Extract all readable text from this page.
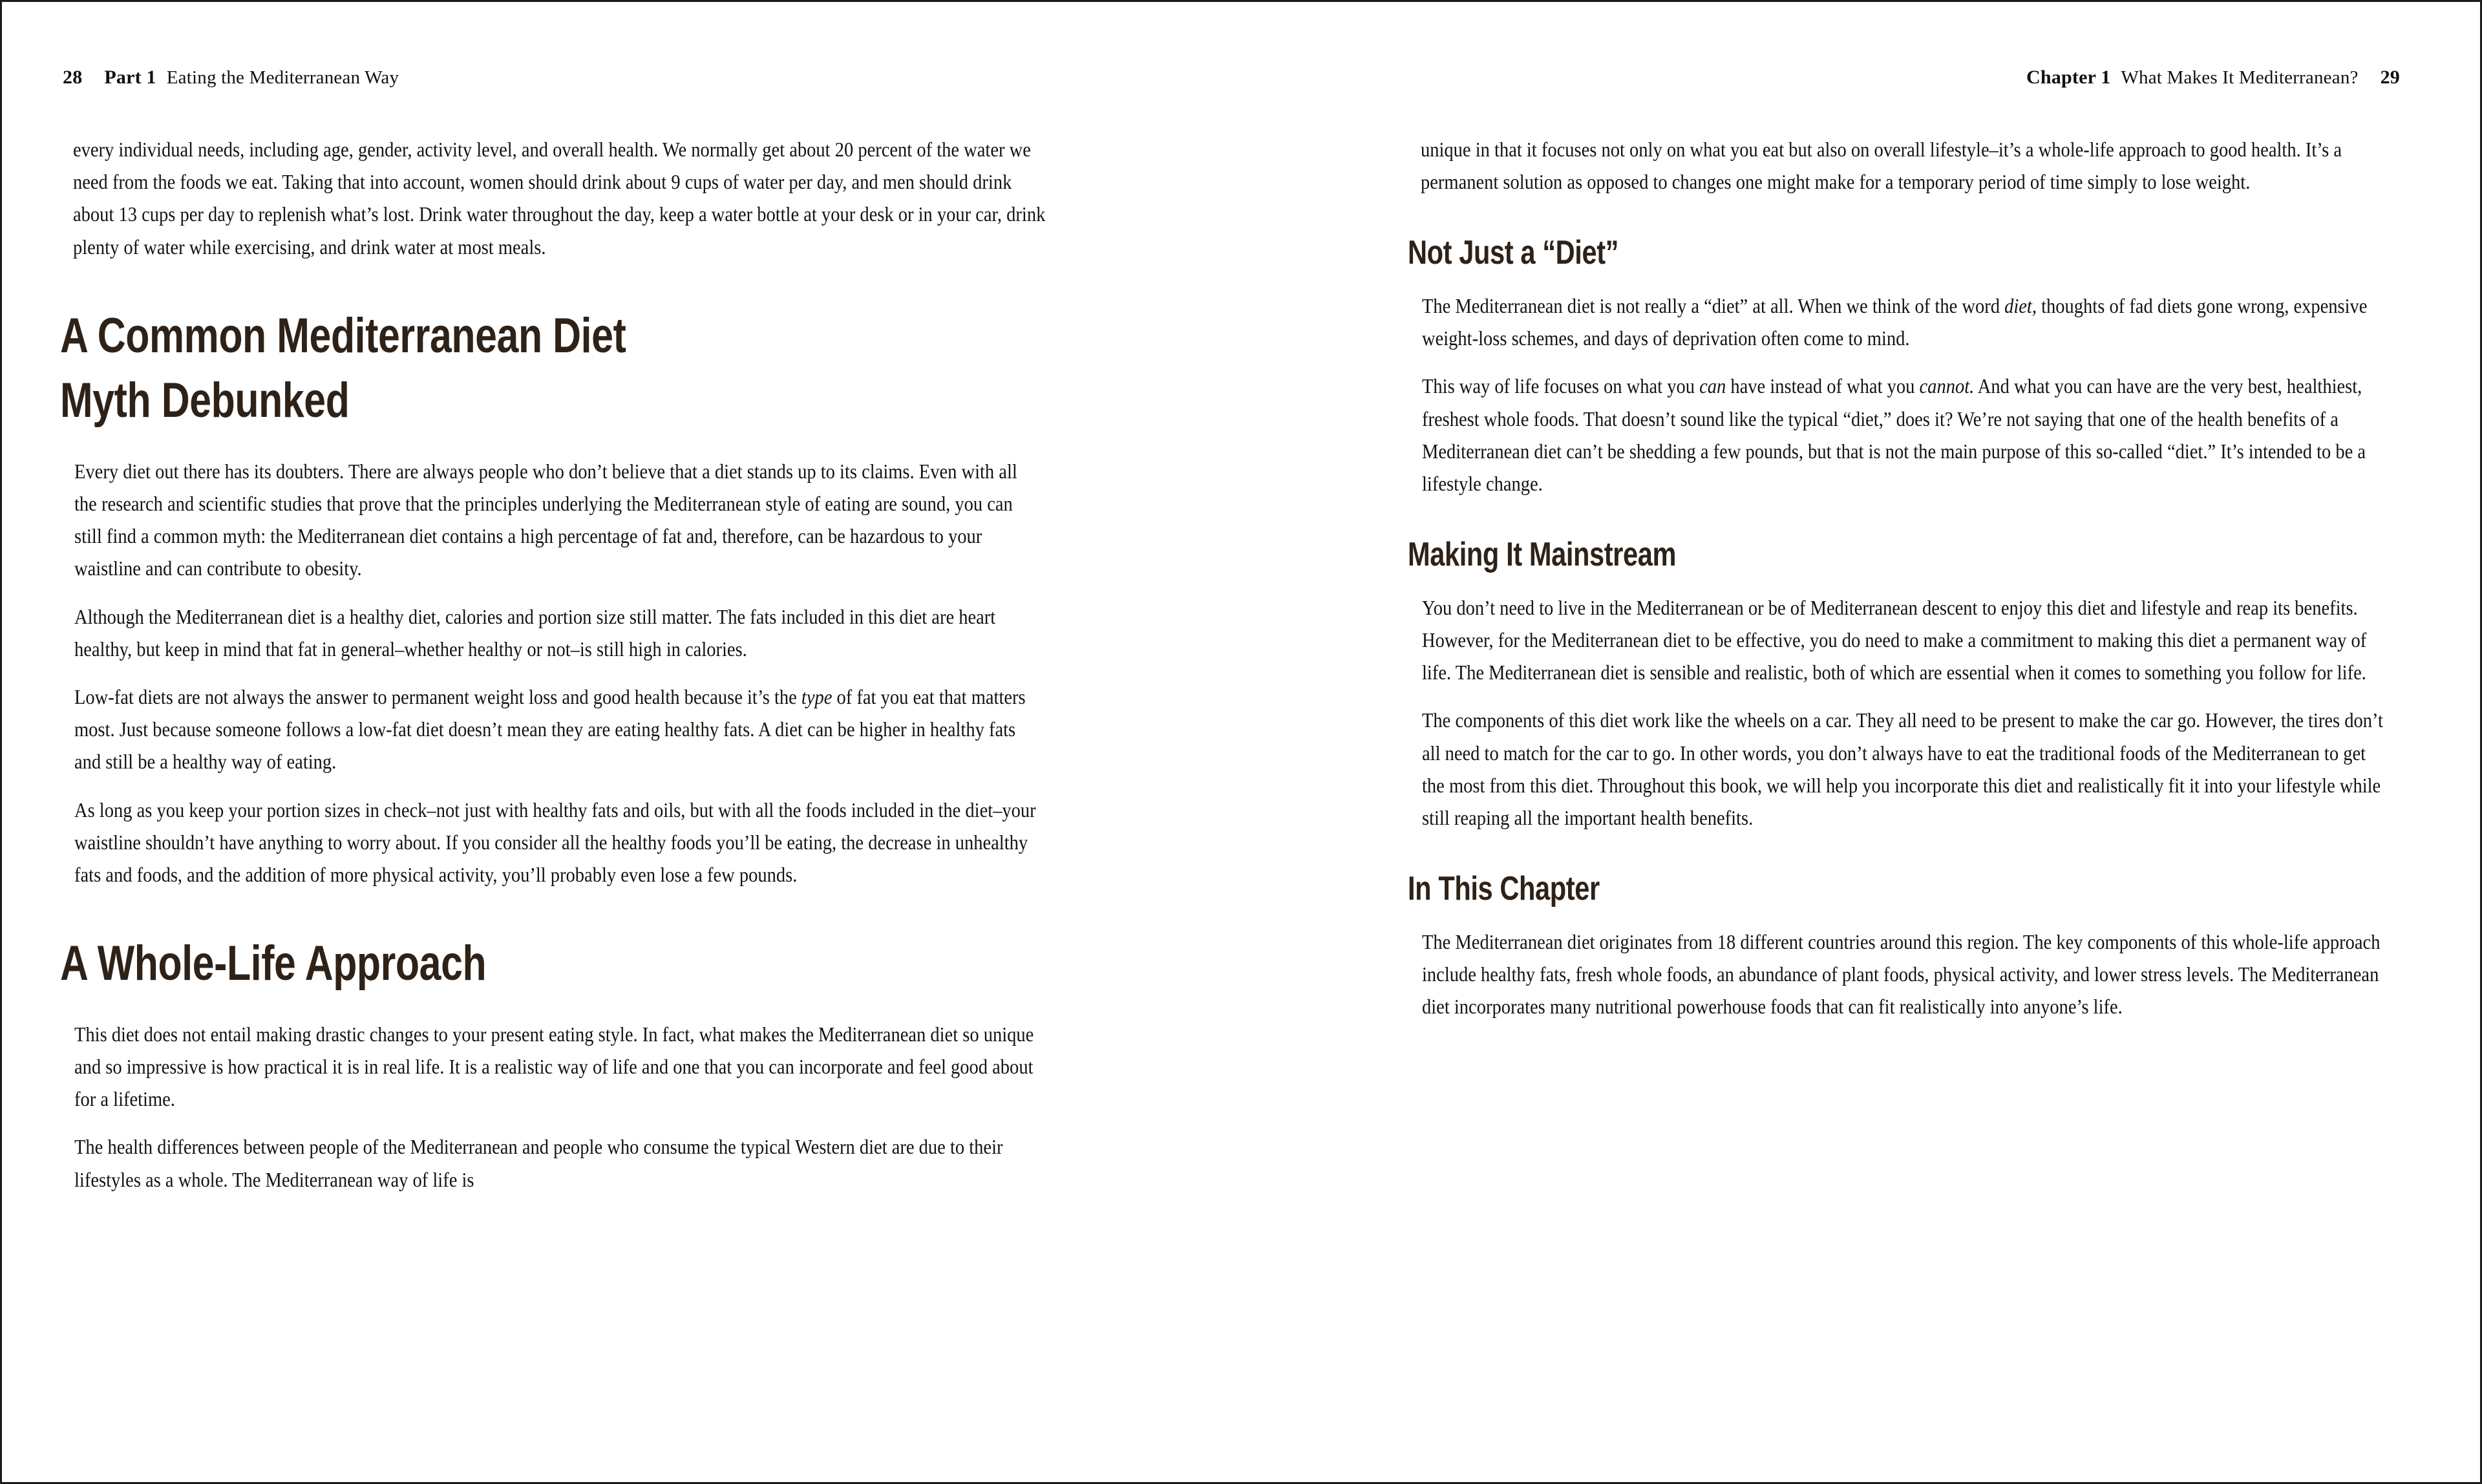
28 Part 1 Eating the Mediterranean Way

every individual needs, including age, gender, activity level, and overall health. We normally get about 20 percent of the water we need from the foods we eat. Taking that into account, women should drink about 9 cups of water per day, and men should drink about 13 cups per day to replenish what’s lost. Drink water throughout the day, keep a water bottle at your desk or in your car, drink plenty of water while exercising, and drink water at most meals.

A Common Mediterranean Diet
Myth Debunked

Every diet out there has its doubters. There are always people who don’t believe that a diet stands up to its claims. Even with all the research and scientific studies that prove that the principles underlying the Mediterranean style of eating are sound, you can still find a common myth: the Mediterranean diet contains a high percentage of fat and, therefore, can be hazardous to your waistline and can contribute to obesity.

Although the Mediterranean diet is a healthy diet, calories and portion size still matter. The fats included in this diet are heart healthy, but keep in mind that fat in general–whether healthy or not–is still high in calories.

Low-fat diets are not always the answer to permanent weight loss and good health because it’s the type of fat you eat that matters most. Just because someone follows a low-fat diet doesn’t mean they are eating healthy fats. A diet can be higher in healthy fats and still be a healthy way of eating.

As long as you keep your portion sizes in check–not just with healthy fats and oils, but with all the foods included in the diet–your waistline shouldn’t have anything to worry about. If you consider all the healthy foods you’ll be eating, the decrease in unhealthy fats and foods, and the addition of more physical activity, you’ll probably even lose a few pounds.

A Whole-Life Approach

This diet does not entail making drastic changes to your present eating style. In fact, what makes the Mediterranean diet so unique and so impressive is how practical it is in real life. It is a realistic way of life and one that you can incorporate and feel good about for a lifetime.

The health differences between people of the Mediterranean and people who consume the typical Western diet are due to their lifestyles as a whole. The Mediterranean way of life is

Chapter 1 What Makes It Mediterranean? 29

unique in that it focuses not only on what you eat but also on overall lifestyle–it’s a whole-life approach to good health. It’s a permanent solution as opposed to changes one might make for a temporary period of time simply to lose weight.

Not Just a “Diet”

The Mediterranean diet is not really a “diet” at all. When we think of the word diet, thoughts of fad diets gone wrong, expensive weight-loss schemes, and days of deprivation often come to mind.

This way of life focuses on what you can have instead of what you cannot. And what you can have are the very best, healthiest, freshest whole foods. That doesn’t sound like the typical “diet,” does it? We’re not saying that one of the health benefits of a Mediterranean diet can’t be shedding a few pounds, but that is not the main purpose of this so-called “diet.” It’s intended to be a lifestyle change.

Making It Mainstream

You don’t need to live in the Mediterranean or be of Mediterranean descent to enjoy this diet and lifestyle and reap its benefits. However, for the Mediterranean diet to be effective, you do need to make a commitment to making this diet a permanent way of life. The Mediterranean diet is sensible and realistic, both of which are essential when it comes to something you follow for life.

The components of this diet work like the wheels on a car. They all need to be present to make the car go. However, the tires don’t all need to match for the car to go. In other words, you don’t always have to eat the traditional foods of the Mediterranean to get the most from this diet. Throughout this book, we will help you incorporate this diet and realistically fit it into your lifestyle while still reaping all the important health benefits.

In This Chapter

The Mediterranean diet originates from 18 different countries around this region. The key components of this whole-life approach include healthy fats, fresh whole foods, an abundance of plant foods, physical activity, and lower stress levels. The Mediterranean diet incorporates many nutritional powerhouse foods that can fit realistically into anyone’s life.
